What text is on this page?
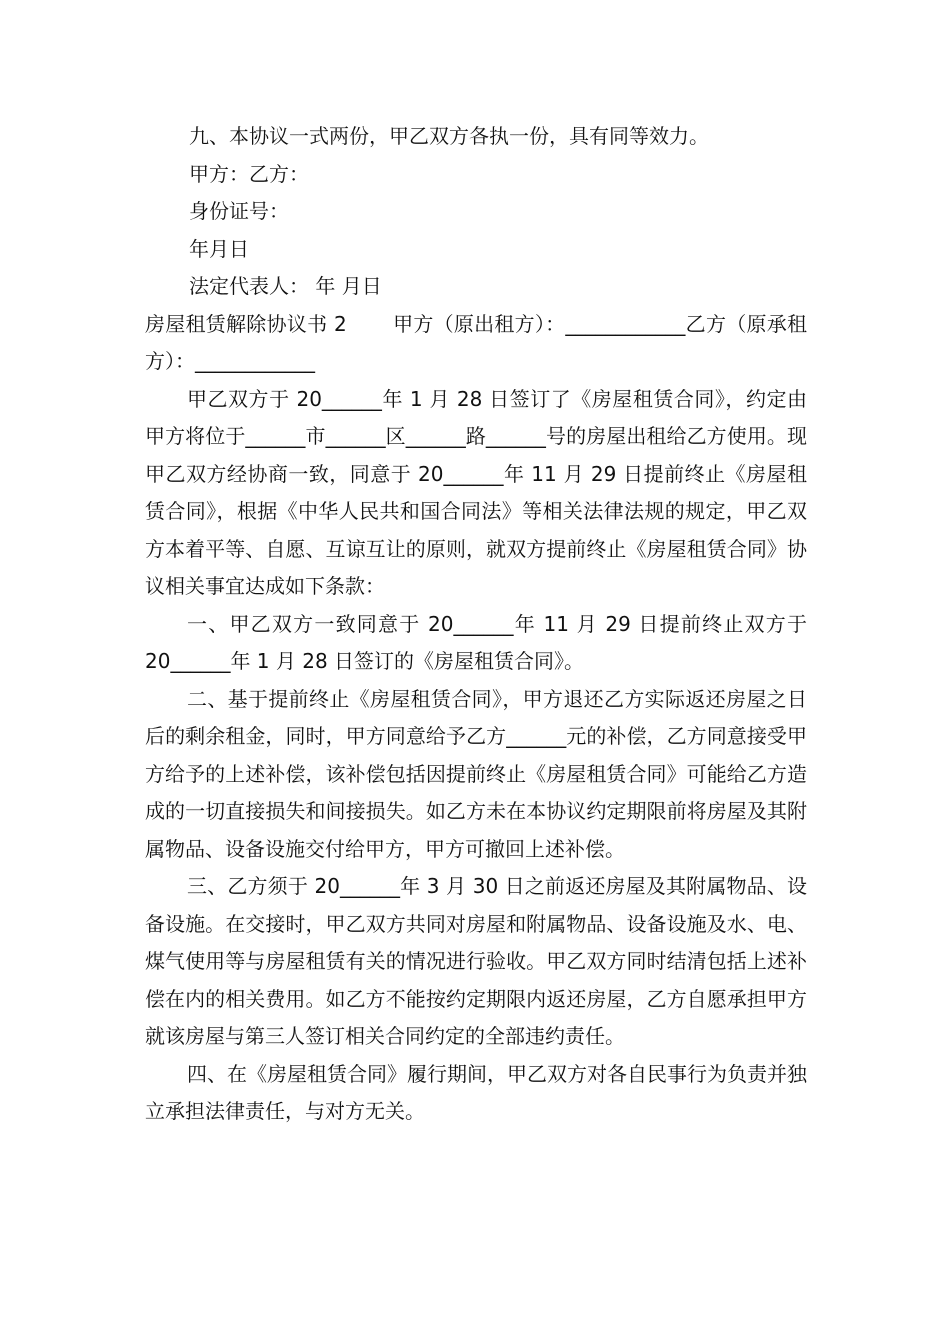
九、本协议一式两份，甲乙双方各执一份，具有同等效力。

甲方：乙方：

身份证号：

年月日

法定代表人： 年 月日

房屋租赁解除协议书 2 甲方（原出租方）：____________乙方（原承租方）：____________

甲乙双方于 20______年 1 月 28 日签订了《房屋租赁合同》，约定由甲方将位于______市______区______路______号的房屋出租给乙方使用。现甲乙双方经协商一致，同意于 20______年 11 月 29 日提前终止《房屋租赁合同》，根据《中华人民共和国合同法》等相关法律法规的规定，甲乙双方本着平等、自愿、互谅互让的原则，就双方提前终止《房屋租赁合同》协议相关事宜达成如下条款：

一、甲乙双方一致同意于 20______年 11 月 29 日提前终止双方于 20______年 1 月 28 日签订的《房屋租赁合同》。

二、基于提前终止《房屋租赁合同》，甲方退还乙方实际返还房屋之日后的剩余租金，同时，甲方同意给予乙方______元的补偿，乙方同意接受甲方给予的上述补偿，该补偿包括因提前终止《房屋租赁合同》可能给乙方造成的一切直接损失和间接损失。如乙方未在本协议约定期限前将房屋及其附属物品、设备设施交付给甲方，甲方可撤回上述补偿。

三、乙方须于 20______年 3 月 30 日之前返还房屋及其附属物品、设备设施。在交接时，甲乙双方共同对房屋和附属物品、设备设施及水、电、煤气使用等与房屋租赁有关的情况进行验收。甲乙双方同时结清包括上述补偿在内的相关费用。如乙方不能按约定期限内返还房屋，乙方自愿承担甲方就该房屋与第三人签订相关合同约定的全部违约责任。

四、在《房屋租赁合同》履行期间，甲乙双方对各自民事行为负责并独立承担法律责任，与对方无关。
